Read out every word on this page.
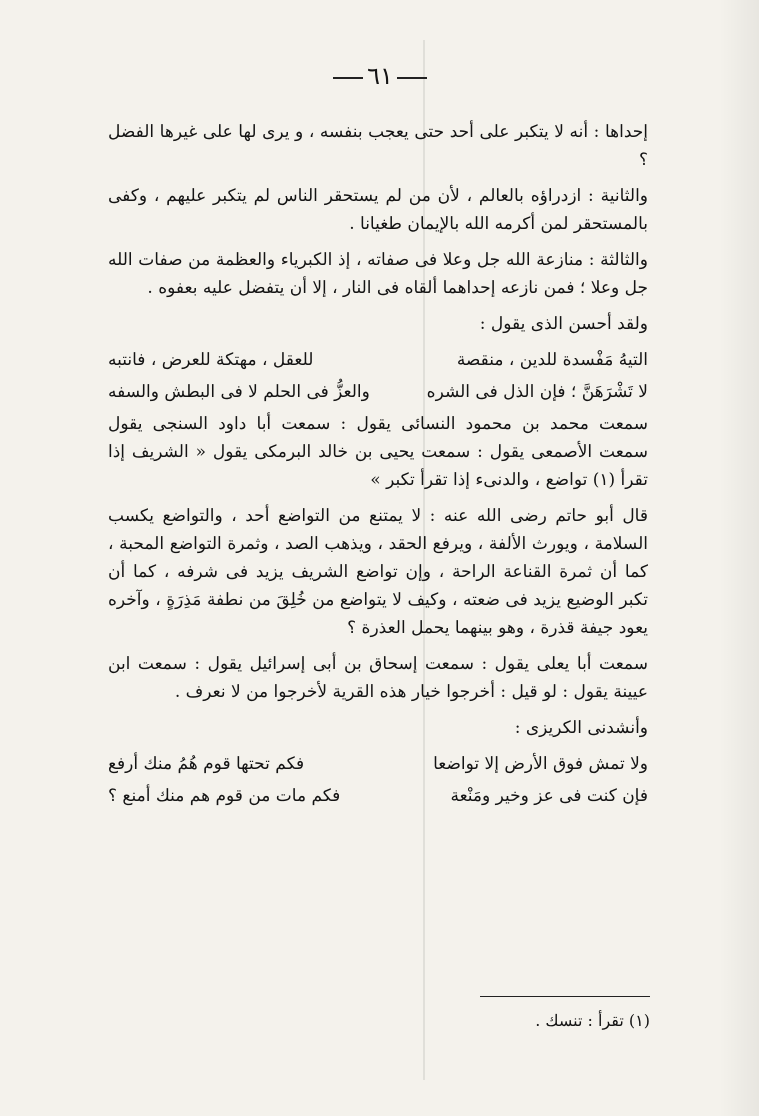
٦١

إحداها : أنه لا يتكبر على أحد حتى يعجب بنفسه ، و يرى لها على غيرها الفضل ؟

والثانية : ازدراؤه بالعالم ، لأن من لم يستحقر الناس لم يتكبر عليهم ، وكفى بالمستحقر لمن أكرمه الله بالإيمان طغيانا .

والثالثة : منازعة الله جل وعلا فى صفاته ، إذ الكبرياء والعظمة من صفات الله جل وعلا ؛ فمن نازعه إحداهما ألقاه فى النار ، إلا أن يتفضل عليه بعفوه .

ولقد أحسن الذى يقول :

التيهُ مَفْسدة للدين ، منقصة
للعقل ، مهتكة للعرض ، فانتبه
لا تَشْرَهَنَّ ؛ فإن الذل فى الشره
والعزُّ فى الحلم لا فى البطش والسفه

سمعت محمد بن محمود النسائى يقول : سمعت أبا داود السنجى يقول سمعت الأصمعى يقول : سمعت يحيى بن خالد البرمكى يقول « الشريف إذا تقرأ (١) تواضع ، والدنىء إذا تقرأ تكبر »

قال أبو حاتم رضى الله عنه : لا يمتنع من التواضع أحد ، والتواضع يكسب السلامة ، ويورث الألفة ، ويرفع الحقد ، ويذهب الصد ، وثمرة التواضع المحبة ، كما أن ثمرة القناعة الراحة ، وإن تواضع الشريف يزيد فى شرفه ، كما أن تكبر الوضيع يزيد فى ضعته ، وكيف لا يتواضع من خُلِقَ من نطفة مَذِرَةٍ ، وآخره يعود جيفة قذرة ، وهو بينهما يحمل العذرة ؟

سمعت أبا يعلى يقول : سمعت إسحاق بن أبى إسرائيل يقول : سمعت ابن عيينة يقول : لو قيل : أخرجوا خيار هذه القرية لأخرجوا من لا نعرف .

وأنشدنى الكريزى :

ولا تمش فوق الأرض إلا تواضعا
فكم تحتها قوم هُمُ منك أرفع
فإن كنت فى عز وخير ومَنْعة
فكم مات من قوم هم منك أمنع ؟
(١) تقرأ : تنسك .
